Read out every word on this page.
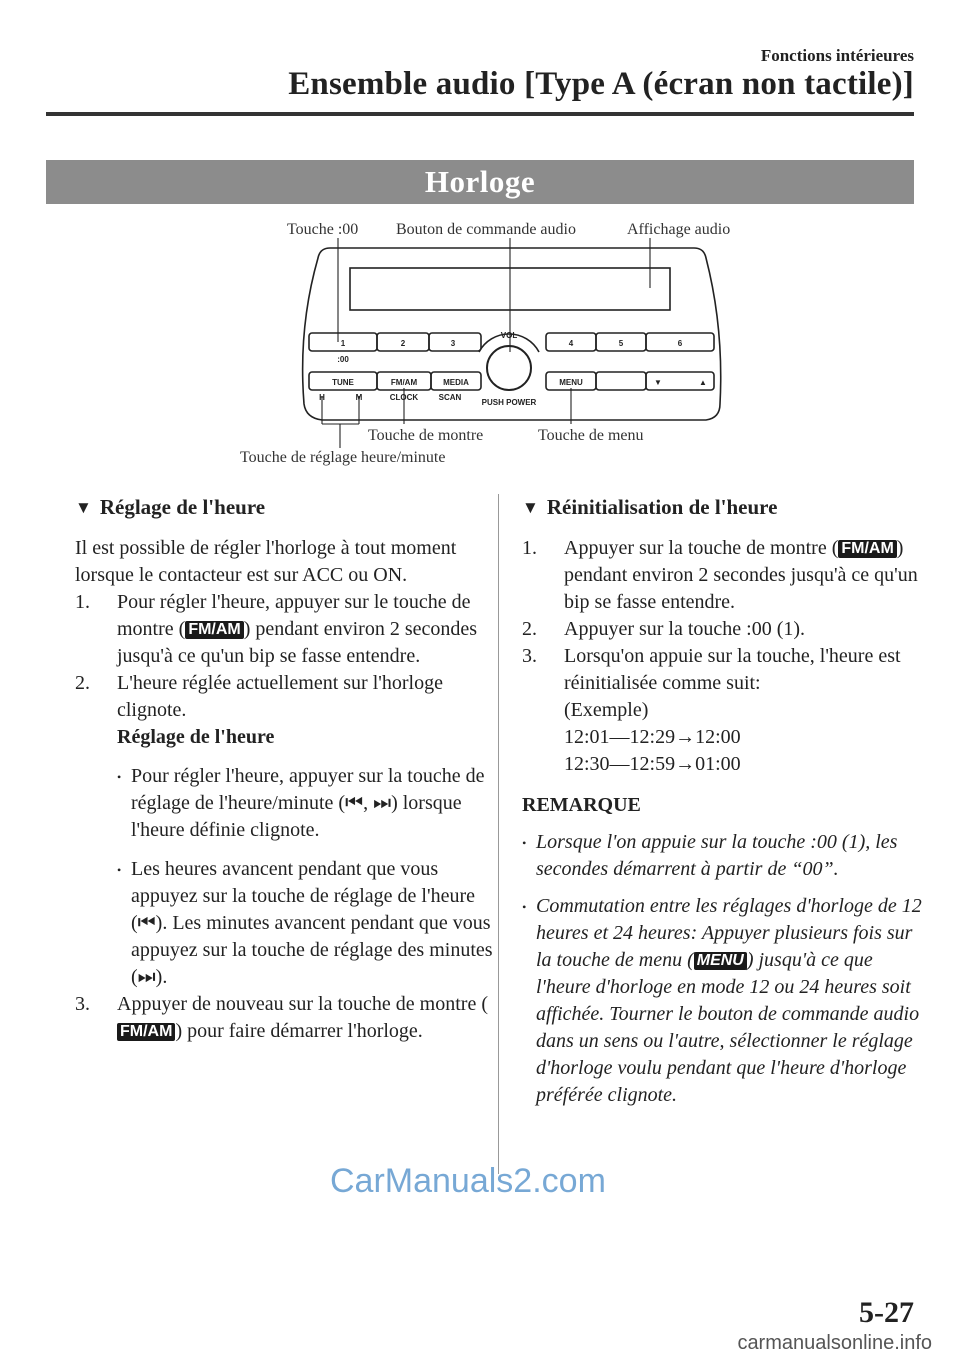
Fonctions intérieures
Ensemble audio [Type A (écran non tactile)]
Horloge
1	2	3	4	5	6
VOL
:00
TUNE	FM/AM	MEDIA	MENU	▼	▲
H	M	CLOCK	SCAN
PUSH POWER
Touche :00 Bouton de commande audio	Affichage audio
Touche de montre	Touche de menu
Touche de réglage heure/minute
▼ Réglage de l'heure

Il est possible de régler l'horloge à tout moment lorsque le contacteur est sur ACC ou ON.

1.	Pour régler l'heure, appuyer sur le touche de montre ( FM/AM ) pendant environ 2 secondes jusqu'à ce qu'un bip se fasse entendre.
2.	L'heure réglée actuellement sur l'horloge clignote.
Réglage de l'heure
• Pour régler l'heure, appuyer sur la touche de réglage de l'heure/minute (⏮, ⏭) lorsque l'heure définie clignote.
• Les heures avancent pendant que vous appuyez sur la touche de réglage de l'heure (⏮). Les minutes avancent pendant que vous appuyez sur la touche de réglage des minutes (⏭).
3.	Appuyer de nouveau sur la touche de montre (FM/AM ) pour faire démarrer l'horloge.
▼ Réinitialisation de l'heure
1.	Appuyer sur la touche de montre ( FM/AM ) pendant environ 2 secondes jusqu'à ce qu'un bip se fasse entendre.
2.	Appuyer sur la touche :00 (1).
3.	Lorsqu'on appuie sur la touche, l'heure est réinitialisée comme suit:
(Exemple)
12:01―12:29→12:00
12:30―12:59→01:00
REMARQUE
• Lorsque l'on appuie sur la touche :00 (1), les secondes démarrent à partir de “00”.
• Commutation entre les réglages d'horloge de 12 heures et 24 heures: Appuyer plusieurs fois sur la touche de menu ( MENU ) jusqu'à ce que l'heure d'horloge en mode 12 ou 24 heures soit affichée. Tourner le bouton de commande audio dans un sens ou l'autre, sélectionner le réglage d'horloge voulu pendant que l'heure d'horloge préférée clignote.
CarManuals2.com
5-27
carmanualsonline.info
